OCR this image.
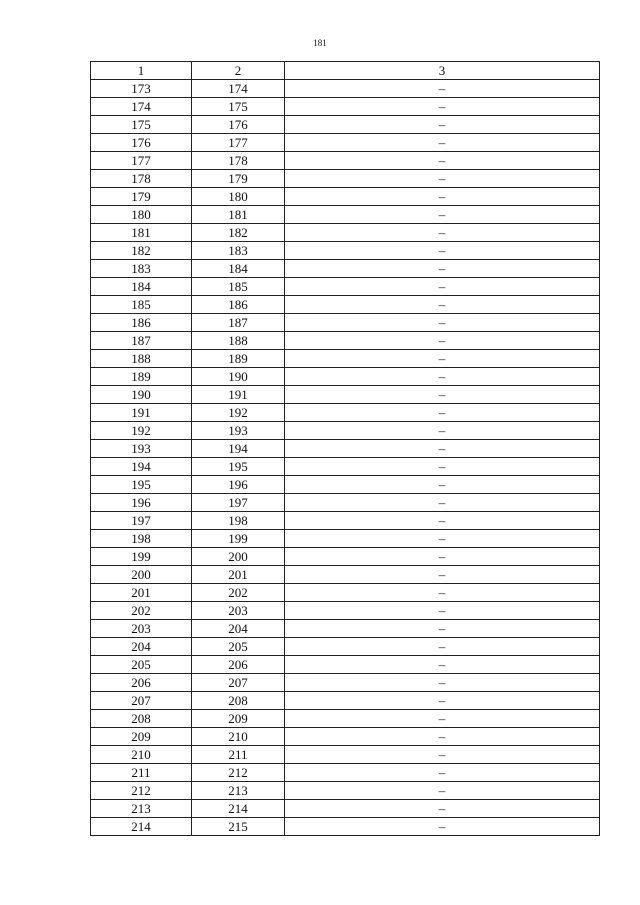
181
1	2	3
173	174	–
174	175	–
175	176	–
176	177	–
177	178	–
178	179	–
179	180	–
180	181	–
181	182	–
182	183	–
183	184	–
184	185	–
185	186	–
186	187	–
187	188	–
188	189	–
189	190	–
190	191	–
191	192	–
192	193	–
193	194	–
194	195	–
195	196	–
196	197	–
197	198	–
198	199	–
199	200	–
200	201	–
201	202	–
202	203	–
203	204	–
204	205	–
205	206	–
206	207	–
207	208	–
208	209	–
209	210	–
210	211	–
211	212	–
212	213	–
213	214	–
214	215	–
